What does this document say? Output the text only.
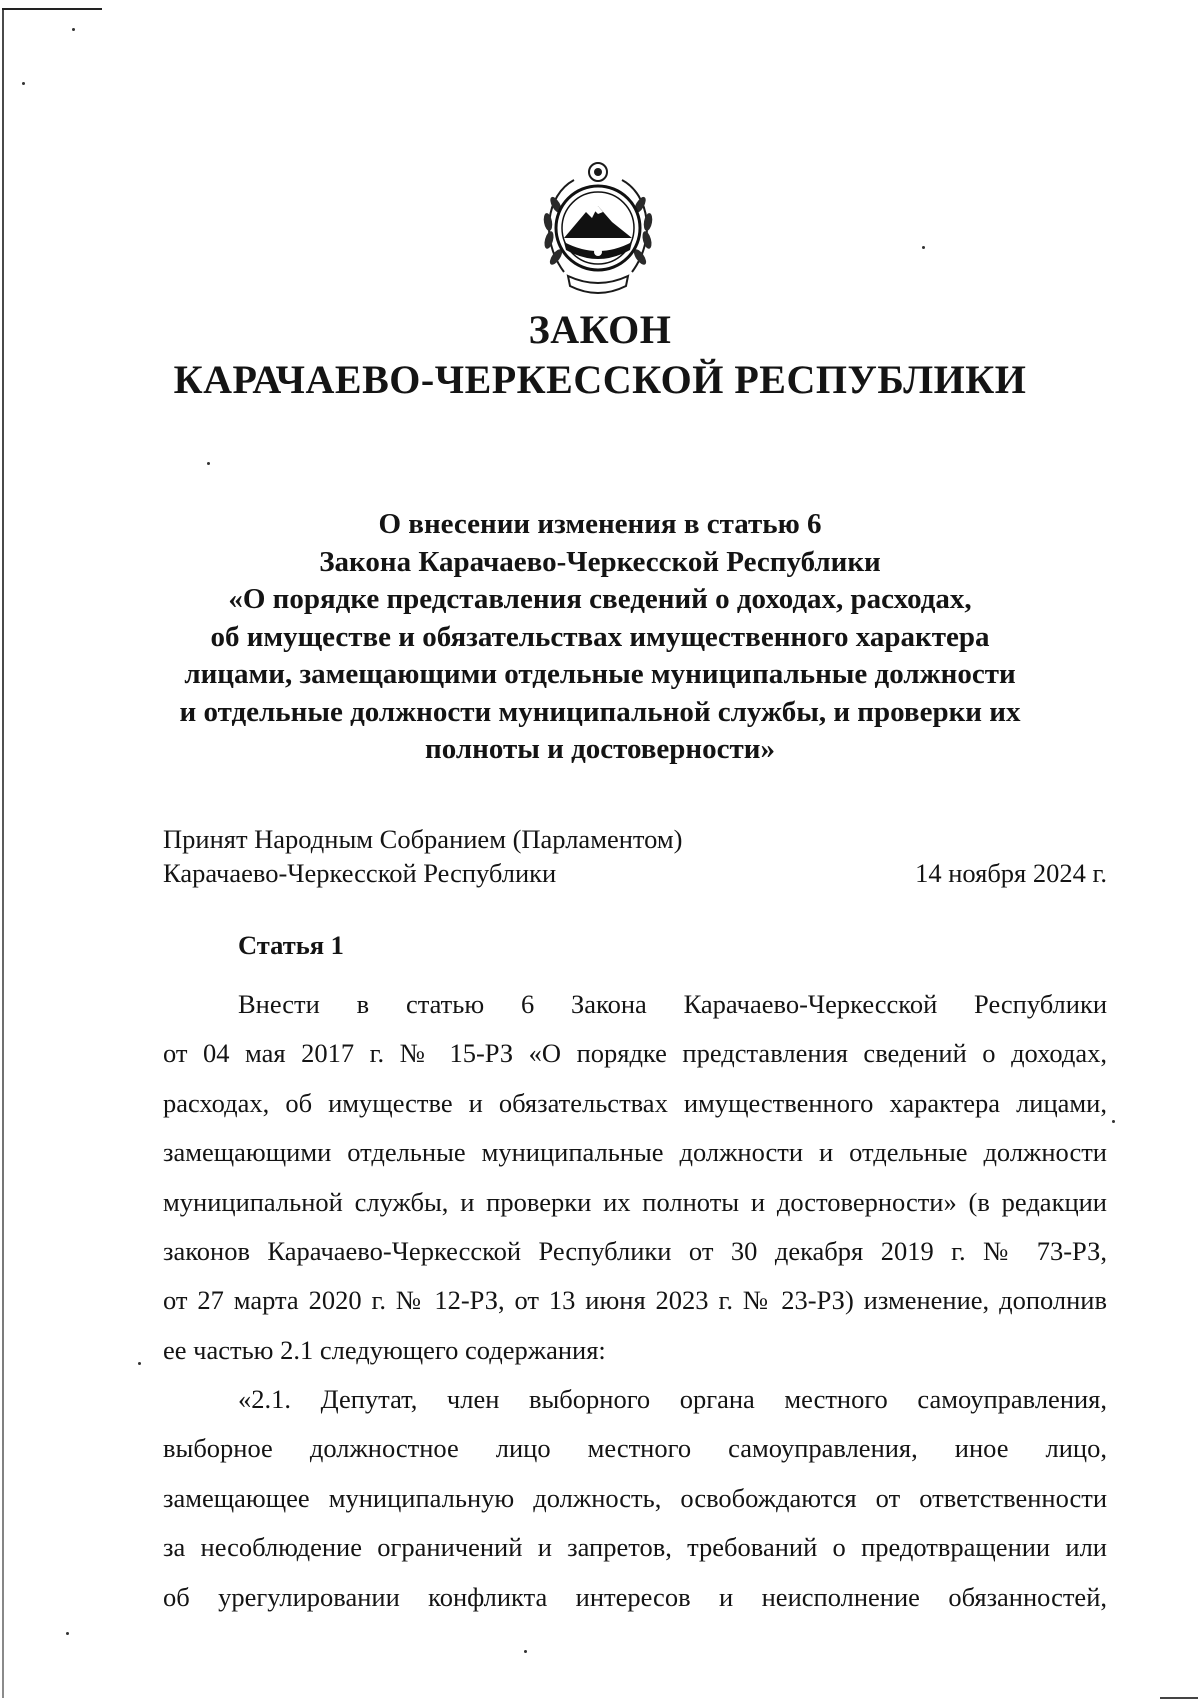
ЗАКОН
КАРАЧАЕВО-ЧЕРКЕССКОЙ РЕСПУБЛИКИ
О внесении изменения в статью 6
Закона Карачаево-Черкесской Республики
«О порядке представления сведений о доходах, расходах,
об имуществе и обязательствах имущественного характера
лицами, замещающими отдельные муниципальные должности
и отдельные должности муниципальной службы, и проверки их
полноты и достоверности»
Принят Народным Собранием (Парламентом)
Карачаево-Черкесской Республики	14 ноября 2024 г.
Статья 1
Внести в статью 6 Закона Карачаево-Черкесской Республики
от 04 мая 2017 г. № 15-РЗ «О порядке представления сведений о доходах,
расходах, об имуществе и обязательствах имущественного характера лицами,
замещающими отдельные муниципальные должности и отдельные должности
муниципальной службы, и проверки их полноты и достоверности» (в редакции
законов Карачаево-Черкесской Республики от 30 декабря 2019 г. № 73-РЗ,
от 27 марта 2020 г. № 12-РЗ, от 13 июня 2023 г. № 23-РЗ) изменение, дополнив
ее частью 2.1 следующего содержания:
«2.1. Депутат, член выборного органа местного самоуправления,
выборное должностное лицо местного самоуправления, иное лицо,
замещающее муниципальную должность, освобождаются от ответственности
за несоблюдение ограничений и запретов, требований о предотвращении или
об урегулировании конфликта интересов и неисполнение обязанностей,
